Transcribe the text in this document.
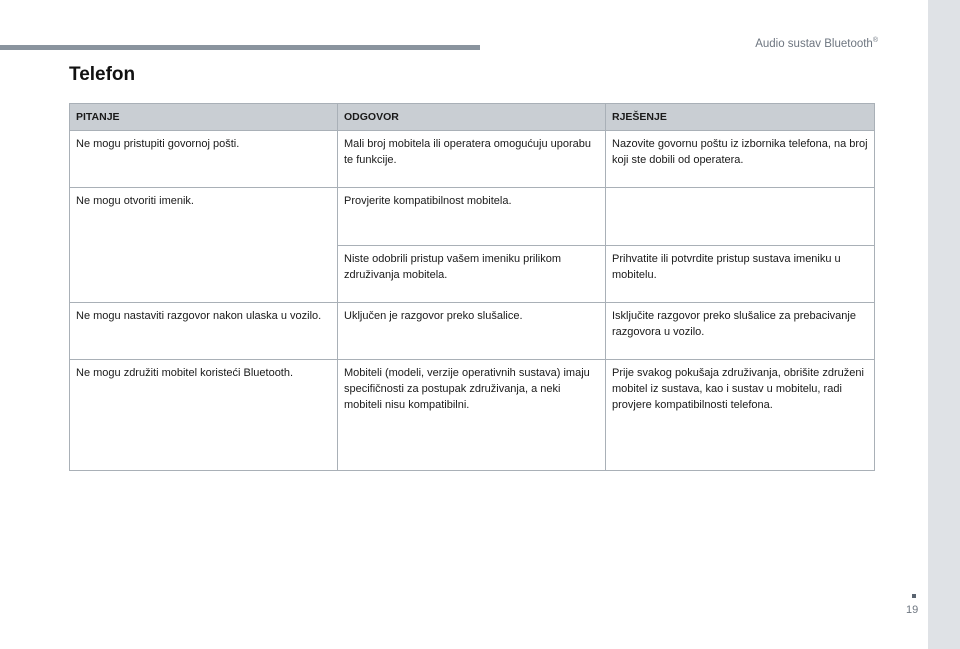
Audio sustav Bluetooth®
Telefon
PITANJE	ODGOVOR	RJEŠENJE
Ne mogu pristupiti govornoj pošti.	Mali broj mobitela ili operatera omogućuju uporabu te funkcije.	Nazovite govornu poštu iz izbornika telefona, na broj koji ste dobili od operatera.
Ne mogu otvoriti imenik.	Provjerite kompatibilnost mobitela.	
	Niste odobrili pristup vašem imeniku prilikom združivanja mobitela.	Prihvatite ili potvrdite pristup sustava imeniku u mobitelu.
Ne mogu nastaviti razgovor nakon ulaska u vozilo.	Uključen je razgovor preko slušalice.	Isključite razgovor preko slušalice za prebacivanje razgovora u vozilo.
Ne mogu združiti mobitel koristeći Bluetooth.	Mobiteli (modeli, verzije operativnih sustava) imaju specifičnosti za postupak združivanja, a neki mobiteli nisu kompatibilni.	Prije svakog pokušaja združivanja, obrišite združeni mobitel iz sustava, kao i sustav u mobitelu, radi provjere kompatibilnosti telefona.
19
